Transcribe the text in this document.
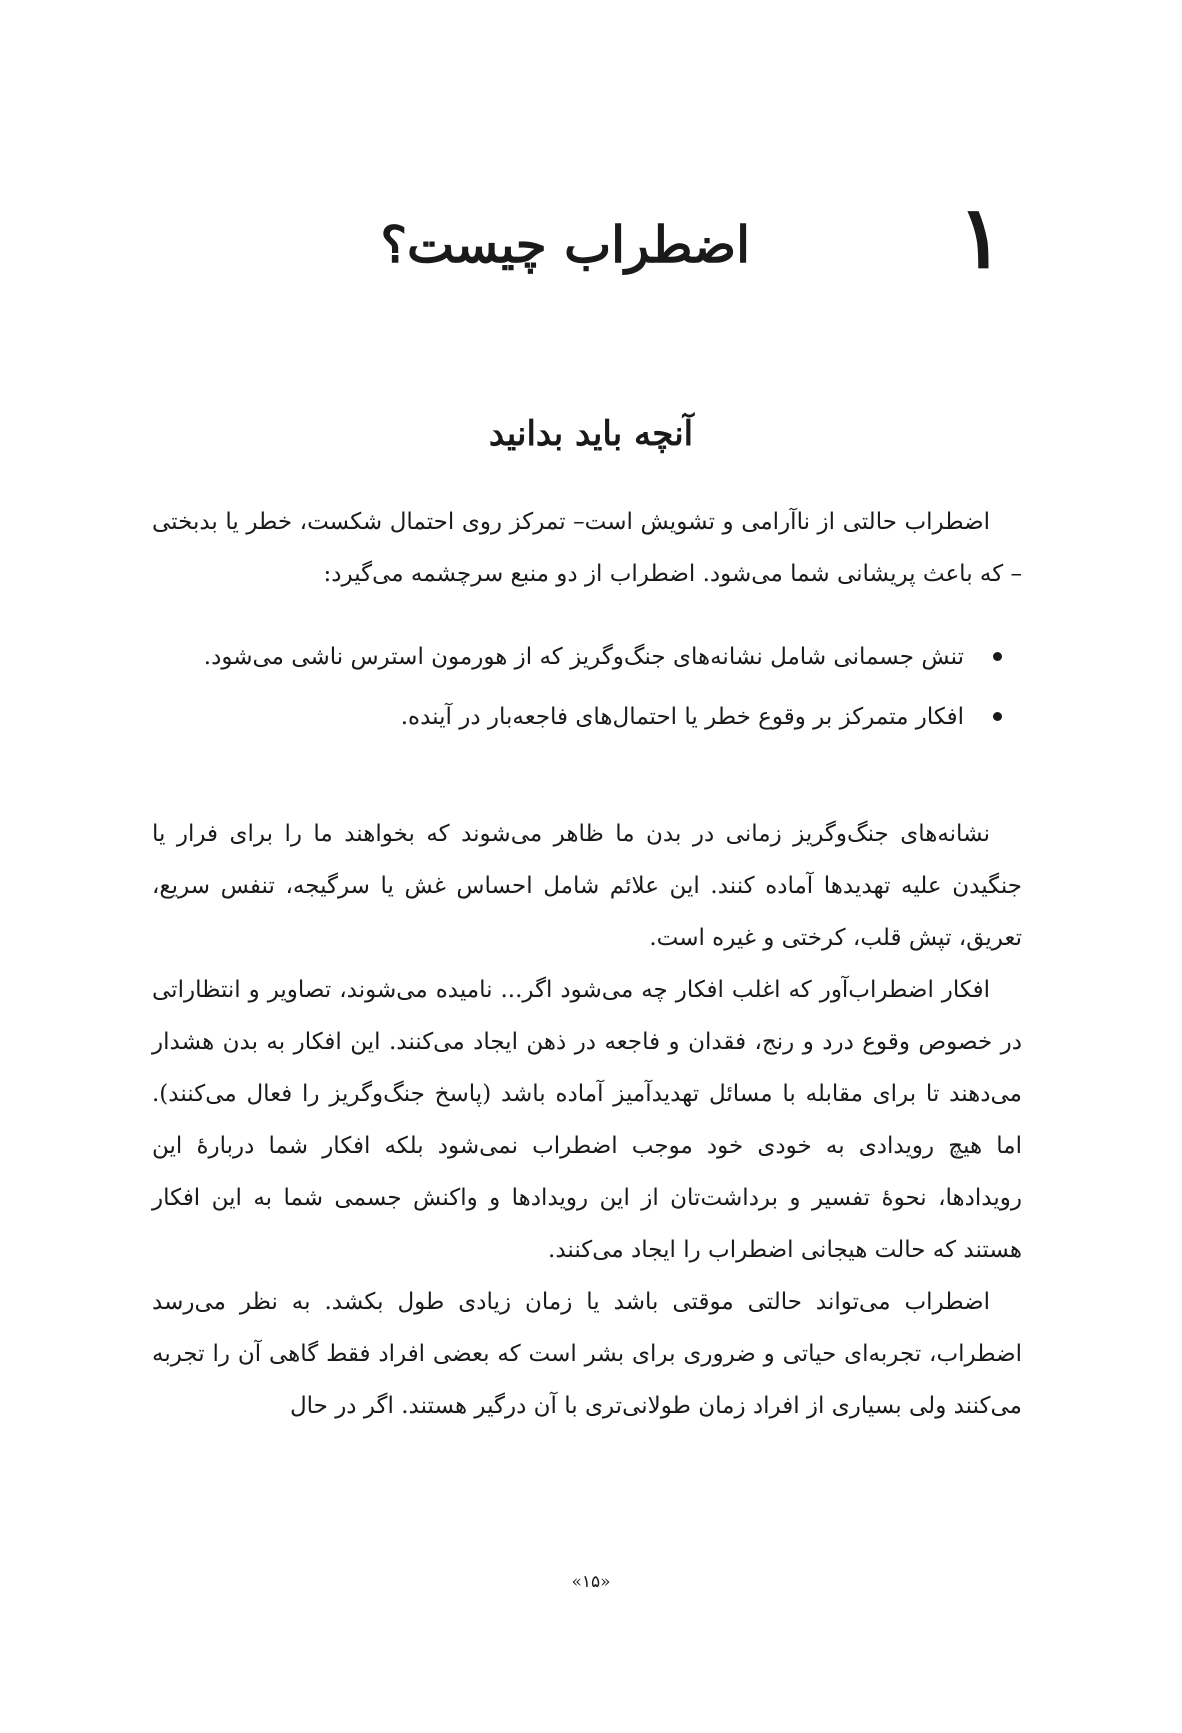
۱
اضطراب چیست؟
آنچه باید بدانید

اضطراب حالتی از ناآرامی و تشویش است– تمرکز روی احتمال شکست، خطر یا بدبختی – که باعث پریشانی شما می‌شود. اضطراب از دو منبع سرچشمه می‌گیرد:

تنش جسمانی شامل نشانه‌های جنگ‌وگریز که از هورمون استرس ناشی می‌شود.
افکار متمرکز بر وقوع خطر یا احتمال‌های فاجعه‌بار در آینده.

نشانه‌های جنگ‌وگریز زمانی در بدن ما ظاهر می‌شوند که بخواهند ما را برای فرار یا جنگیدن علیه تهدیدها آماده کنند. این علائم شامل احساس غش یا سرگیجه، تنفس سریع، تعریق، تپش قلب، کرختی و غیره است.

افکار اضطراب‌آور که اغلب افکار چه می‌شود اگر... نامیده می‌شوند، تصاویر و انتظاراتی در خصوص وقوع درد و رنج، فقدان و فاجعه در ذهن ایجاد می‌کنند. این افکار به بدن هشدار می‌دهند تا برای مقابله با مسائل تهدیدآمیز آماده باشد (پاسخ جنگ‌وگریز را فعال می‌کنند). اما هیچ رویدادی به خودی خود موجب اضطراب نمی‌شود بلکه افکار شما دربارهٔ این رویدادها، نحوهٔ تفسیر و برداشت‌تان از این رویدادها و واکنش جسمی شما به این افکار هستند که حالت هیجانی اضطراب را ایجاد می‌کنند.

اضطراب می‌تواند حالتی موقتی باشد یا زمان زیادی طول بکشد. به نظر می‌رسد اضطراب، تجربه‌ای حیاتی و ضروری برای بشر است که بعضی افراد فقط گاهی آن را تجربه می‌کنند ولی بسیاری از افراد زمان طولانی‌تری با آن درگیر هستند. اگر در حال

«۱۵»
